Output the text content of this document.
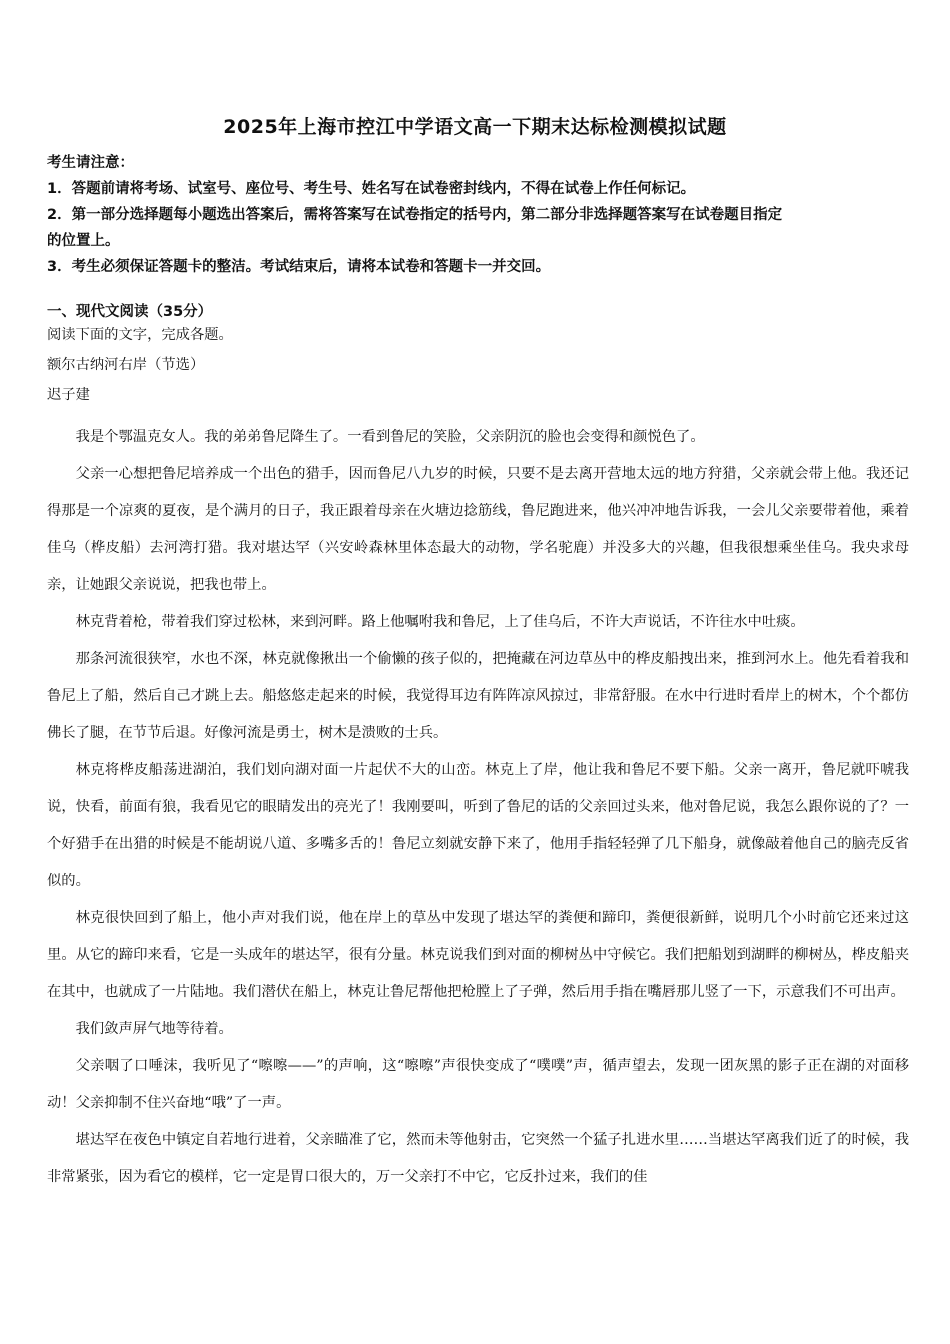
2025年上海市控江中学语文高一下期末达标检测模拟试题
考生请注意：
1．答题前请将考场、试室号、座位号、考生号、姓名写在试卷密封线内，不得在试卷上作任何标记。
2．第一部分选择题每小题选出答案后，需将答案写在试卷指定的括号内，第二部分非选择题答案写在试卷题目指定
的位置上。
3．考生必须保证答题卡的整洁。考试结束后，请将本试卷和答题卡一并交回。
一、现代文阅读（35分）
阅读下面的文字，完成各题。
额尔古纳河右岸（节选）
迟子建

我是个鄂温克女人。我的弟弟鲁尼降生了。一看到鲁尼的笑脸，父亲阴沉的脸也会变得和颜悦色了。

父亲一心想把鲁尼培养成一个出色的猎手，因而鲁尼八九岁的时候，只要不是去离开营地太远的地方狩猎，父亲就会带上他。我还记得那是一个凉爽的夏夜，是个满月的日子，我正跟着母亲在火塘边捻筋线，鲁尼跑进来，他兴冲冲地告诉我，一会儿父亲要带着他，乘着佳乌（桦皮船）去河湾打猎。我对堪达罕（兴安岭森林里体态最大的动物，学名驼鹿）并没多大的兴趣，但我很想乘坐佳乌。我央求母亲，让她跟父亲说说，把我也带上。

林克背着枪，带着我们穿过松林，来到河畔。路上他嘱咐我和鲁尼，上了佳乌后，不许大声说话，不许往水中吐痰。

那条河流很狭窄，水也不深，林克就像揪出一个偷懒的孩子似的，把掩藏在河边草丛中的桦皮船拽出来，推到河水上。他先看着我和鲁尼上了船，然后自己才跳上去。船悠悠走起来的时候，我觉得耳边有阵阵凉风掠过，非常舒服。在水中行进时看岸上的树木，个个都仿佛长了腿，在节节后退。好像河流是勇士，树木是溃败的士兵。

林克将桦皮船荡进湖泊，我们划向湖对面一片起伏不大的山峦。林克上了岸，他让我和鲁尼不要下船。父亲一离开，鲁尼就吓唬我说，快看，前面有狼，我看见它的眼睛发出的亮光了！我刚要叫，听到了鲁尼的话的父亲回过头来，他对鲁尼说，我怎么跟你说的了？一个好猎手在出猎的时候是不能胡说八道、多嘴多舌的！鲁尼立刻就安静下来了，他用手指轻轻弹了几下船身，就像敲着他自己的脑壳反省似的。

林克很快回到了船上，他小声对我们说，他在岸上的草丛中发现了堪达罕的粪便和蹄印，粪便很新鲜，说明几个小时前它还来过这里。从它的蹄印来看，它是一头成年的堪达罕，很有分量。林克说我们到对面的柳树丛中守候它。我们把船划到湖畔的柳树丛，桦皮船夹在其中，也就成了一片陆地。我们潜伏在船上，林克让鲁尼帮他把枪膛上了子弹，然后用手指在嘴唇那儿竖了一下，示意我们不可出声。

我们敛声屏气地等待着。

父亲咽了口唾沫，我听见了“嚓嚓——”的声响，这“嚓嚓”声很快变成了“噗噗”声，循声望去，发现一团灰黑的影子正在湖的对面移动！父亲抑制不住兴奋地“哦”了一声。

堪达罕在夜色中镇定自若地行进着，父亲瞄准了它，然而未等他射击，它突然一个猛子扎进水里……当堪达罕离我们近了的时候，我非常紧张，因为看它的模样，它一定是胃口很大的，万一父亲打不中它，它反扑过来，我们的佳
